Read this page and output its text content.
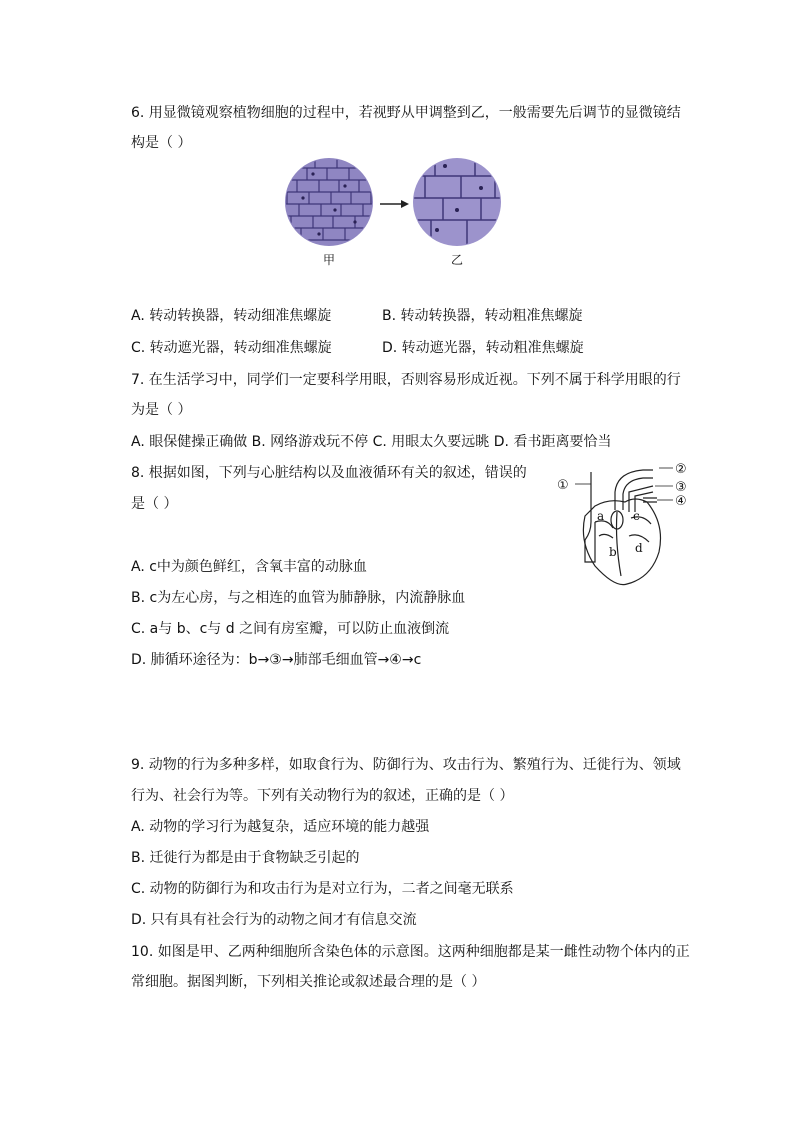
6. 用显微镜观察植物细胞的过程中，若视野从甲调整到乙，一般需要先后调节的显微镜结
构是（ ）
甲	乙
A. 转动转换器，转动细准焦螺旋	B. 转动转换器，转动粗准焦螺旋
C. 转动遮光器，转动细准焦螺旋	D. 转动遮光器，转动粗准焦螺旋
7. 在生活学习中，同学们一定要科学用眼，否则容易形成近视。下列不属于科学用眼的行
为是（ ）
A. 眼保健操正确做 B. 网络游戏玩不停 C. 用眼太久要远眺 D. 看书距离要恰当
8. 根据如图，下列与心脏结构以及血液循环有关的叙述，错误的
是（ ）
①
②
③
④
a
b
c
d
A. c中为颜色鲜红，含氧丰富的动脉血
B. c为左心房，与之相连的血管为肺静脉，内流静脉血
C. a与 b、c与 d 之间有房室瓣，可以防止血液倒流
D. 肺循环途径为：b→③→肺部毛细血管→④→c
9. 动物的行为多种多样，如取食行为、防御行为、攻击行为、繁殖行为、迁徙行为、领域
行为、社会行为等。下列有关动物行为的叙述，正确的是（ ）
A. 动物的学习行为越复杂，适应环境的能力越强
B. 迁徙行为都是由于食物缺乏引起的
C. 动物的防御行为和攻击行为是对立行为，二者之间毫无联系
D. 只有具有社会行为的动物之间才有信息交流
10. 如图是甲、乙两种细胞所含染色体的示意图。这两种细胞都是某一雌性动物个体内的正
常细胞。据图判断，下列相关推论或叙述最合理的是（ ）
